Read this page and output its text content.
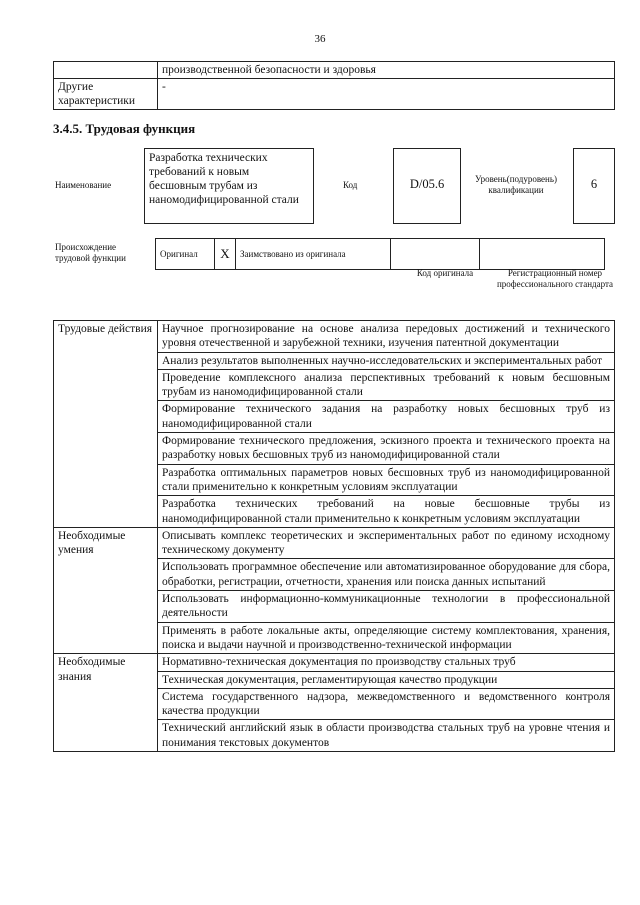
36
	производственной безопасности и здоровья
Другие характеристики	-
3.4.5. Трудовая функция
Наименование
Разработка технических требований к новым бесшовным трубам из наномодифицированной стали
Код	D/05.6	Уровень(подуровень) квалификации	6
Происхождение трудовой функции	Оригинал	X	Заимствовано из оригинала		
Код оригинала	Регистрационный номер профессионального стандарта
Трудовые действия	Научное прогнозирование на основе анализа передовых достижений и технического уровня отечественной и зарубежной техники, изучения патентной документации
	Анализ результатов выполненных научно-исследовательских и экспериментальных работ
	Проведение комплексного анализа перспективных требований к новым бесшовным трубам из наномодифицированной стали
	Формирование технического задания на разработку новых бесшовных труб из наномодифицированной стали
	Формирование технического предложения, эскизного проекта и технического проекта на разработку новых бесшовных труб из наномодифицированной стали
	Разработка оптимальных параметров новых бесшовных труб из наномодифицированной стали применительно к конкретным условиям эксплуатации
	Разработка технических требований на новые бесшовные трубы из наномодифицированной стали применительно к конкретным условиям эксплуатации
Необходимые умения	Описывать комплекс теоретических и экспериментальных работ по единому исходному техническому документу
	Использовать программное обеспечение или автоматизированное оборудование для сбора, обработки, регистрации, отчетности, хранения или поиска данных испытаний
	Использовать информационно-коммуникационные технологии в профессиональной деятельности
	Применять в работе локальные акты, определяющие систему комплектования, хранения, поиска и выдачи научной и производственно-технической информации
Необходимые знания	Нормативно-техническая документация по производству стальных труб
	Техническая документация, регламентирующая качество продукции
	Система государственного надзора, межведомственного и ведомственного контроля качества продукции
	Технический английский язык в области производства стальных труб на уровне чтения и понимания текстовых документов
